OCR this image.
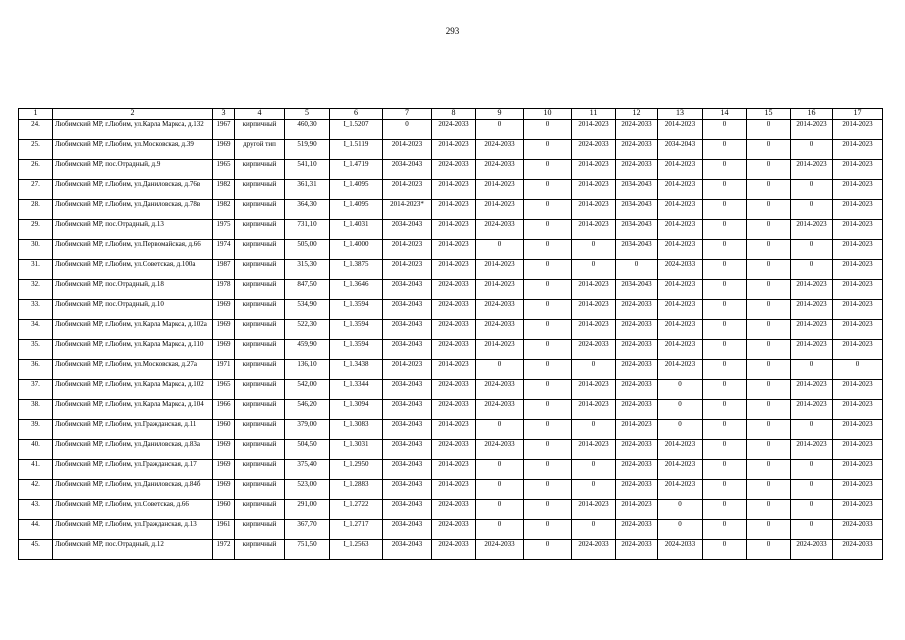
293
1	2	3	4	5	6	7	8	9	10	11	12	13	14	15	16	17
24.	Любимский МР, г.Любим, ул.Карла Маркса, д.132	1967	кирпичный	460,30	I_1.5207	0	2024-2033	0	0	2014-2023	2024-2033	2014-2023	0	0	2014-2023	2014-2023
25.	Любимский МР, г.Любим, ул.Московская, д.39	1969	другой тип	519,90	I_1.5119	2014-2023	2014-2023	2024-2033	0	2024-2033	2024-2033	2034-2043	0	0	0	2014-2023
26.	Любимский МР, пос.Отрадный, д.9	1965	кирпичный	541,10	I_1.4719	2034-2043	2024-2033	2024-2033	0	2014-2023	2024-2033	2014-2023	0	0	2014-2023	2014-2023
27.	Любимский МР, г.Любим, ул.Даниловская, д.76в	1982	кирпичный	361,31	I_1.4095	2014-2023	2014-2023	2014-2023	0	2014-2023	2034-2043	2014-2023	0	0	0	2014-2023
28.	Любимский МР, г.Любим, ул.Даниловская, д.78в	1982	кирпичный	364,30	I_1.4095	2014-2023*	2014-2023	2014-2023	0	2014-2023	2034-2043	2014-2023	0	0	0	2014-2023
29.	Любимский МР, пос.Отрадный, д.13	1975	кирпичный	731,10	I_1.4031	2034-2043	2014-2023	2024-2033	0	2014-2023	2034-2043	2014-2023	0	0	2014-2023	2014-2023
30.	Любимский МР, г.Любим, ул.Первомайская, д.66	1974	кирпичный	505,00	I_1.4000	2014-2023	2014-2023	0	0	0	2034-2043	2014-2023	0	0	0	2014-2023
31.	Любимский МР, г.Любим, ул.Советская, д.100а	1987	кирпичный	315,30	I_1.3875	2014-2023	2014-2023	2014-2023	0	0	0	2024-2033	0	0	0	2014-2023
32.	Любимский МР, пос.Отрадный, д.18	1978	кирпичный	847,50	I_1.3646	2034-2043	2024-2033	2014-2023	0	2014-2023	2034-2043	2014-2023	0	0	2014-2023	2014-2023
33.	Любимский МР, пос.Отрадный, д.10	1969	кирпичный	534,90	I_1.3594	2034-2043	2024-2033	2024-2033	0	2014-2023	2024-2033	2014-2023	0	0	2014-2023	2014-2023
34.	Любимский МР, г.Любим, ул.Карла Маркса, д.102а	1969	кирпичный	522,30	I_1.3594	2034-2043	2024-2033	2024-2033	0	2014-2023	2024-2033	2014-2023	0	0	2014-2023	2014-2023
35.	Любимский МР, г.Любим, ул.Карла Маркса, д.110	1969	кирпичный	459,90	I_1.3594	2034-2043	2024-2033	2014-2023	0	2024-2033	2024-2033	2014-2023	0	0	2014-2023	2014-2023
36.	Любимский МР, г.Любим, ул.Московская, д.27а	1971	кирпичный	136,10	I_1.3438	2014-2023	2014-2023	0	0	0	2024-2033	2014-2023	0	0	0	0
37.	Любимский МР, г.Любим, ул.Карла Маркса, д.102	1965	кирпичный	542,00	I_1.3344	2034-2043	2024-2033	2024-2033	0	2014-2023	2024-2033	0	0	0	2014-2023	2014-2023
38.	Любимский МР, г.Любим, ул.Карла Маркса, д.104	1966	кирпичный	546,20	I_1.3094	2034-2043	2024-2033	2024-2033	0	2014-2023	2024-2033	0	0	0	2014-2023	2014-2023
39.	Любимский МР, г.Любим, ул.Гражданская, д.11	1960	кирпичный	379,00	I_1.3083	2034-2043	2014-2023	0	0	0	2014-2023	0	0	0	0	2014-2023
40.	Любимский МР, г.Любим, ул.Даниловская, д.83а	1969	кирпичный	504,50	I_1.3031	2034-2043	2024-2033	2024-2033	0	2014-2023	2024-2033	2014-2023	0	0	2014-2023	2014-2023
41.	Любимский МР, г.Любим, ул.Гражданская, д.17	1969	кирпичный	375,40	I_1.2950	2034-2043	2014-2023	0	0	0	2024-2033	2014-2023	0	0	0	2014-2023
42.	Любимский МР, г.Любим, ул.Даниловская, д.84б	1969	кирпичный	523,00	I_1.2883	2034-2043	2014-2023	0	0	0	2024-2033	2014-2023	0	0	0	2014-2023
43.	Любимский МР, г.Любим, ул.Советская, д.66	1960	кирпичный	291,00	I_1.2722	2034-2043	2024-2033	0	0	2014-2023	2014-2023	0	0	0	0	2014-2023
44.	Любимский МР, г.Любим, ул.Гражданская, д.13	1961	кирпичный	367,70	I_1.2717	2034-2043	2024-2033	0	0	0	2024-2033	0	0	0	0	2024-2033
45.	Любимский МР, пос.Отрадный, д.12	1972	кирпичный	751,50	I_1.2563	2034-2043	2024-2033	2024-2033	0	2024-2033	2024-2033	2024-2033	0	0	2024-2033	2024-2033
